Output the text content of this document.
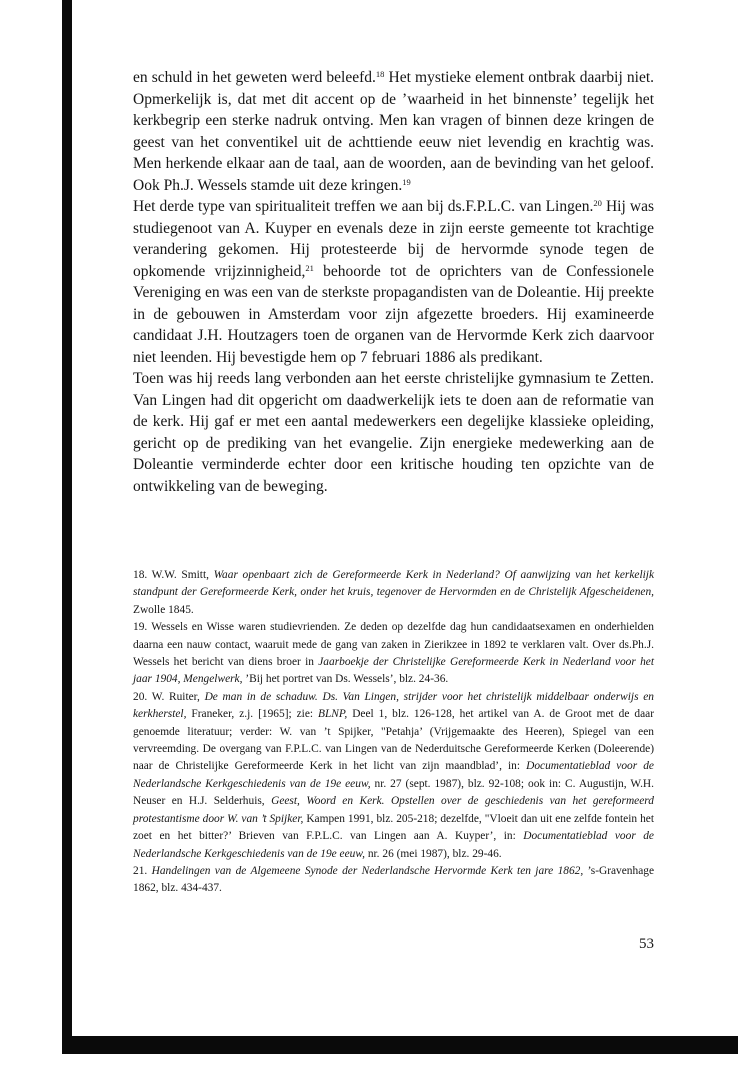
en schuld in het geweten werd beleefd.$^{18}$ Het mystieke element ontbrak daarbij niet. Opmerkelijk is, dat met dit accent op de ’waarheid in het binnenste’ tegelijk het kerkbegrip een sterke nadruk ontving. Men kan vragen of binnen deze kringen de geest van het conventikel uit de achttiende eeuw niet levendig en krachtig was. Men herkende elkaar aan de taal, aan de woorden, aan de bevinding van het geloof. Ook Ph.J. Wessels stamde uit deze kringen.$^{19}$

Het derde type van spiritualiteit treffen we aan bij ds.F.P.L.C. van Lingen.$^{20}$ Hij was studiegenoot van A. Kuyper en evenals deze in zijn eerste gemeente tot krachtige verandering gekomen. Hij protesteerde bij de hervormde synode tegen de opkomende vrijzinnigheid,$^{21}$ behoorde tot de oprichters van de Confessionele Vereniging en was een van de sterkste propagandisten van de Doleantie. Hij preekte in de gebouwen in Amsterdam voor zijn afgezette broeders. Hij examineerde candidaat J.H. Houtzagers toen de organen van de Hervormde Kerk zich daarvoor niet leenden. Hij bevestigde hem op 7 februari 1886 als predikant.

Toen was hij reeds lang verbonden aan het eerste christelijke gymnasium te Zetten. Van Lingen had dit opgericht om daadwerkelijk iets te doen aan de reformatie van de kerk. Hij gaf er met een aantal medewerkers een degelijke klassieke opleiding, gericht op de prediking van het evangelie. Zijn energieke medewerking aan de Doleantie verminderde echter door een kritische houding ten opzichte van de ontwikkeling van de beweging.

18. W.W. Smitt, Waar openbaart zich de Gereformeerde Kerk in Nederland? Of aanwijzing van het kerkelijk standpunt der Gereformeerde Kerk, onder het kruis, tegenover de Hervormden en de Christelijk Afgescheidenen, Zwolle 1845.

19. Wessels en Wisse waren studievrienden. Ze deden op dezelfde dag hun candidaatsexamen en onderhielden daarna een nauw contact, waaruit mede de gang van zaken in Zierikzee in 1892 te verklaren valt. Over ds.Ph.J. Wessels het bericht van diens broer in Jaarboekje der Christelijke Gereformeerde Kerk in Nederland voor het jaar 1904, Mengelwerk, ’Bij het portret van Ds. Wessels’, blz. 24-36.

20. W. Ruiter, De man in de schaduw. Ds. Van Lingen, strijder voor het christelijk middelbaar onderwijs en kerkherstel, Franeker, z.j. [1965]; zie: BLNP, Deel 1, blz. 126-128, het artikel van A. de Groot met de daar genoemde literatuur; verder: W. van ’t Spijker, "Petahja’ (Vrijgemaakte des Heeren), Spiegel van een vervreemding. De overgang van F.P.L.C. van Lingen van de Nederduitsche Gereformeerde Kerken (Doleerende) naar de Christelijke Gereformeerde Kerk in het licht van zijn maandblad’, in: Documentatieblad voor de Nederlandsche Kerkgeschiedenis van de 19e eeuw, nr. 27 (sept. 1987), blz. 92-108; ook in: C. Augustijn, W.H. Neuser en H.J. Selderhuis, Geest, Woord en Kerk. Opstellen over de geschiedenis van het gereformeerd protestantisme door W. van ’t Spijker, Kampen 1991, blz. 205-218; dezelfde, "Vloeit dan uit ene zelfde fontein het zoet en het bitter?’ Brieven van F.P.L.C. van Lingen aan A. Kuyper’, in: Documentatieblad voor de Nederlandsche Kerkgeschiedenis van de 19e eeuw, nr. 26 (mei 1987), blz. 29-46.

21. Handelingen van de Algemeene Synode der Nederlandsche Hervormde Kerk ten jare 1862, ’s-Gravenhage 1862, blz. 434-437.

53
